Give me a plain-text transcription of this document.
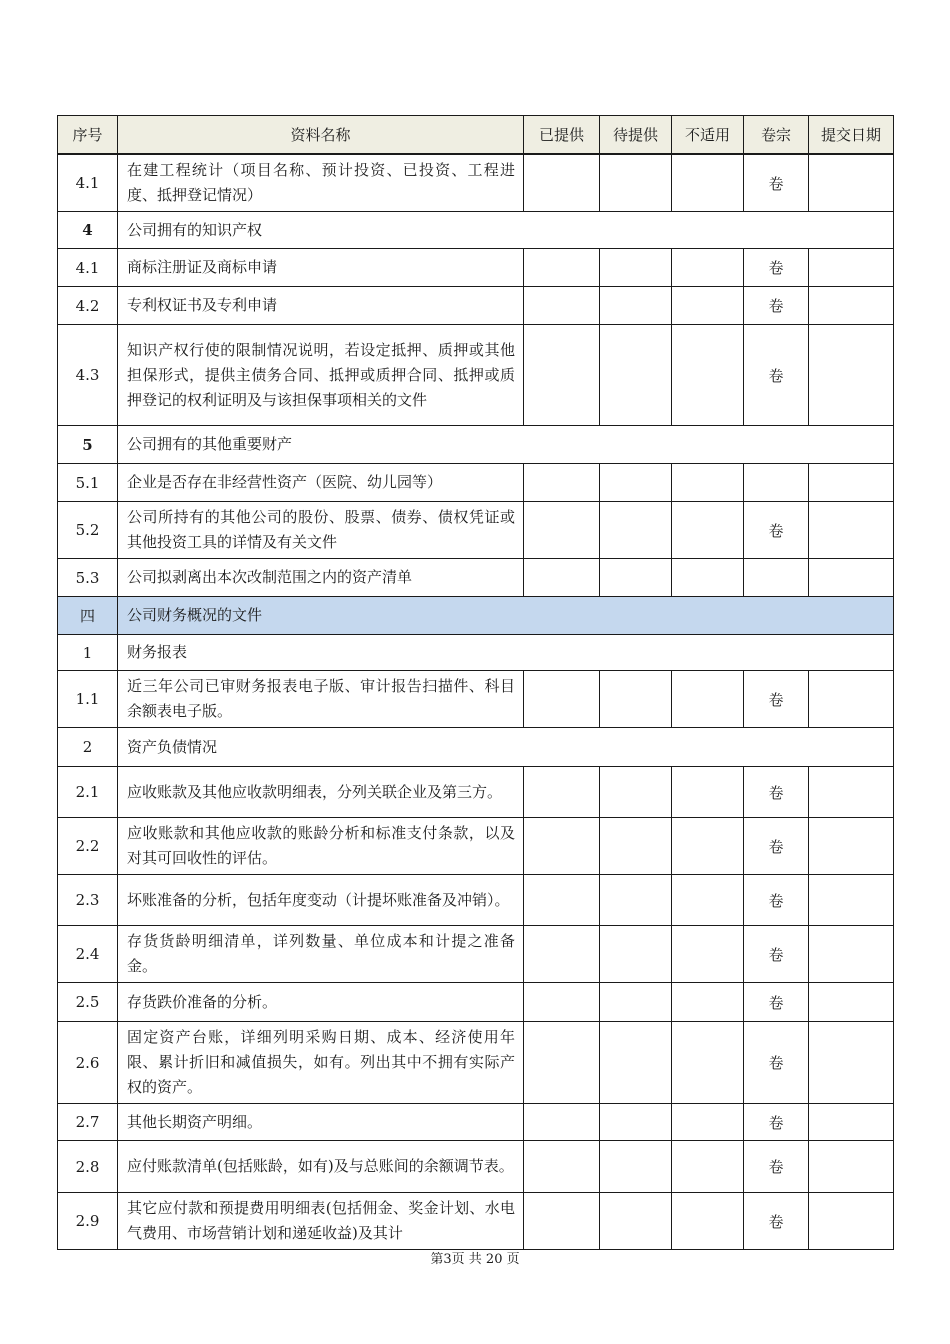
序号	资料名称	已提供	待提供	不适用	卷宗	提交日期
4.1	在建工程统计（项目名称、预计投资、已投资、工程进度、抵押登记情况）				卷	
4	公司拥有的知识产权					
4.1	商标注册证及商标申请				卷	
4.2	专利权证书及专利申请				卷	
4.3	知识产权行使的限制情况说明，若设定抵押、质押或其他担保形式，提供主债务合同、抵押或质押合同、抵押或质押登记的权利证明及与该担保事项相关的文件				卷	
5	公司拥有的其他重要财产					
5.1	企业是否存在非经营性资产（医院、幼儿园等）					
5.2	公司所持有的其他公司的股份、股票、债券、债权凭证或其他投资工具的详情及有关文件				卷	
5.3	公司拟剥离出本次改制范围之内的资产清单					
四	公司财务概况的文件					
1	财务报表					
1.1	近三年公司已审财务报表电子版、审计报告扫描件、科目余额表电子版。				卷	
2	资产负债情况					
2.1	应收账款及其他应收款明细表，分列关联企业及第三方。				卷	
2.2	应收账款和其他应收款的账龄分析和标准支付条款，以及对其可回收性的评估。				卷	
2.3	坏账准备的分析，包括年度变动（计提坏账准备及冲销）。				卷	
2.4	存货货龄明细清单，详列数量、单位成本和计提之准备金。				卷	
2.5	存货跌价准备的分析。				卷	
2.6	固定资产台账，详细列明采购日期、成本、经济使用年限、累计折旧和减值损失，如有。列出其中不拥有实际产权的资产。				卷	
2.7	其他长期资产明细。				卷	
2.8	应付账款清单(包括账龄，如有)及与总账间的余额调节表。				卷	
2.9	其它应付款和预提费用明细表(包括佣金、奖金计划、水电气费用、市场营销计划和递延收益)及其计				卷	
第3页 共 20 页
